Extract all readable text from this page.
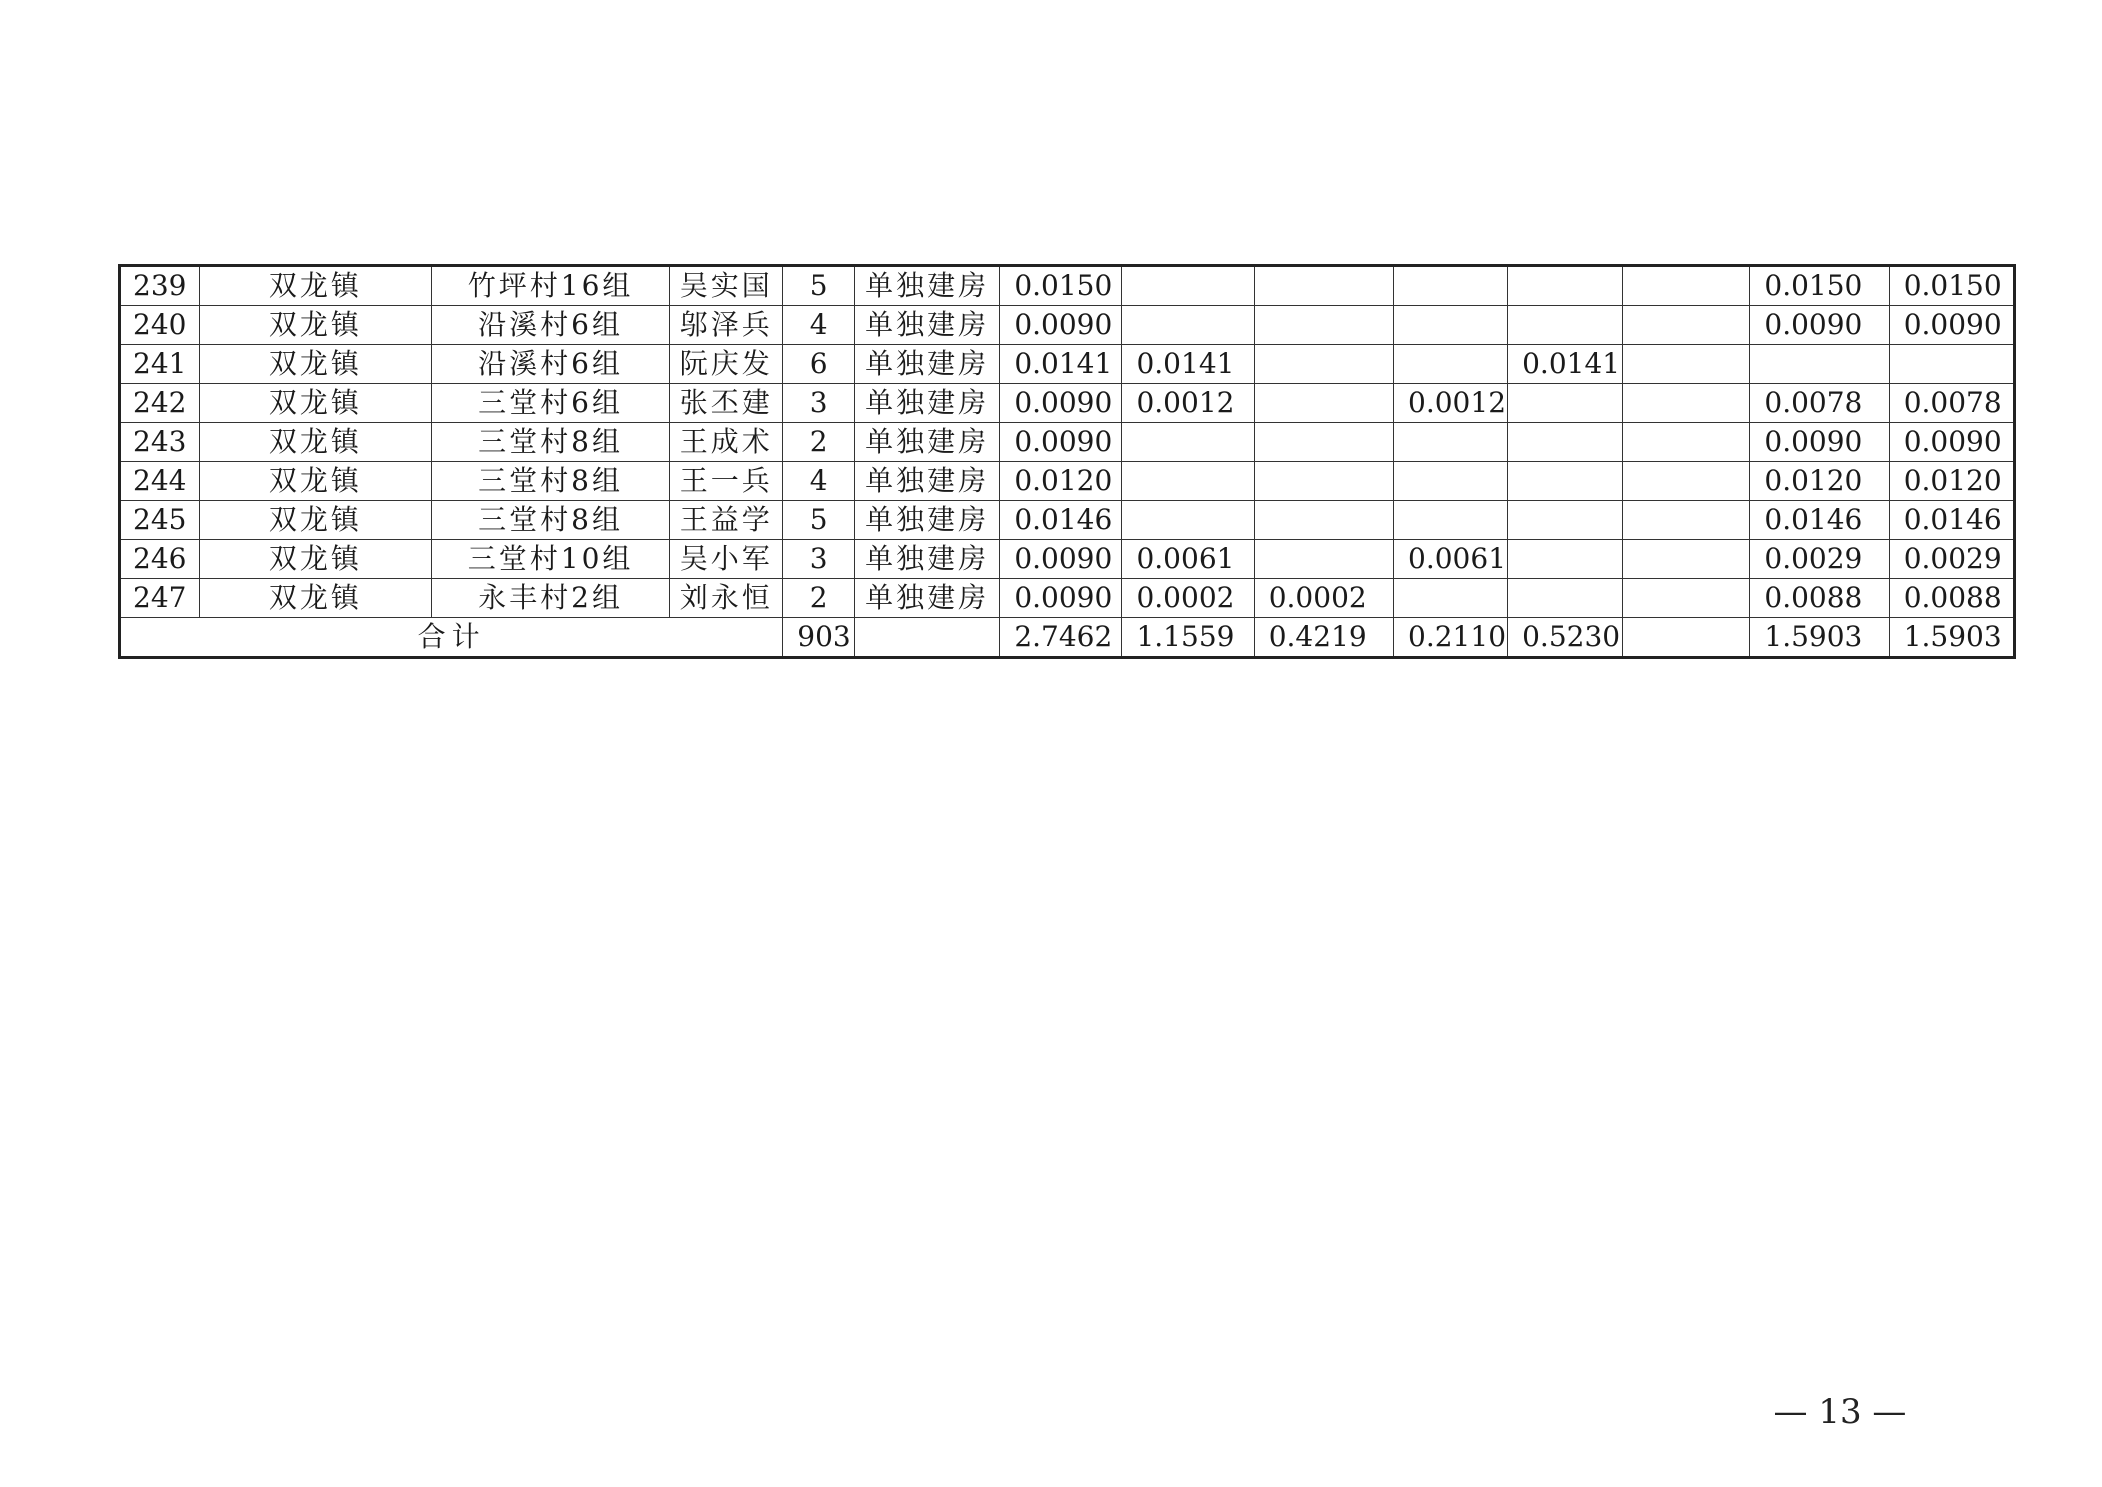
239	双龙镇	竹坪村16组	吴实国	5	单独建房	0.0150						0.0150	0.0150
240	双龙镇	沿溪村6组	邬泽兵	4	单独建房	0.0090						0.0090	0.0090
241	双龙镇	沿溪村6组	阮庆发	6	单独建房	0.0141	0.0141			0.0141			
242	双龙镇	三堂村6组	张丕建	3	单独建房	0.0090	0.0012		0.0012			0.0078	0.0078
243	双龙镇	三堂村8组	王成术	2	单独建房	0.0090						0.0090	0.0090
244	双龙镇	三堂村8组	王一兵	4	单独建房	0.0120						0.0120	0.0120
245	双龙镇	三堂村8组	王益学	5	单独建房	0.0146						0.0146	0.0146
246	双龙镇	三堂村10组	吴小军	3	单独建房	0.0090	0.0061		0.0061			0.0029	0.0029
247	双龙镇	永丰村2组	刘永恒	2	单独建房	0.0090	0.0002	0.0002				0.0088	0.0088
合计				903		2.7462	1.1559	0.4219	0.2110	0.5230		1.5903	1.5903
— 13 —
